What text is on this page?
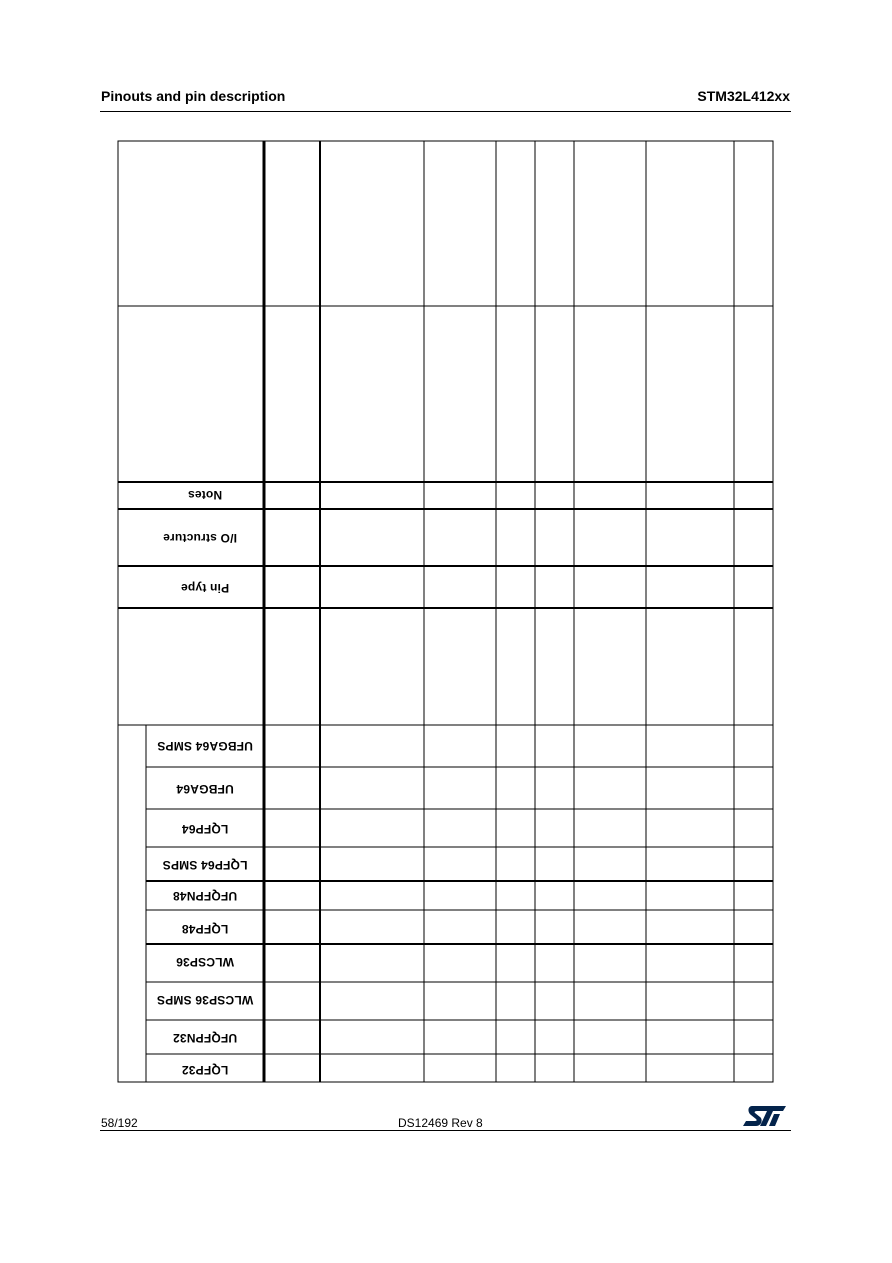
Pinouts and pin description	STM32L412xx
Notes
I/O structure
Pin type
UFBGA64 SMPS
UFBGA64
LQFP64
LQFP64 SMPS
UFQFPN48
LQFP48
WLCSP36
WLCSP36 SMPS
UFQFPN32
LQFP32
58/192	DS12469 Rev 8
